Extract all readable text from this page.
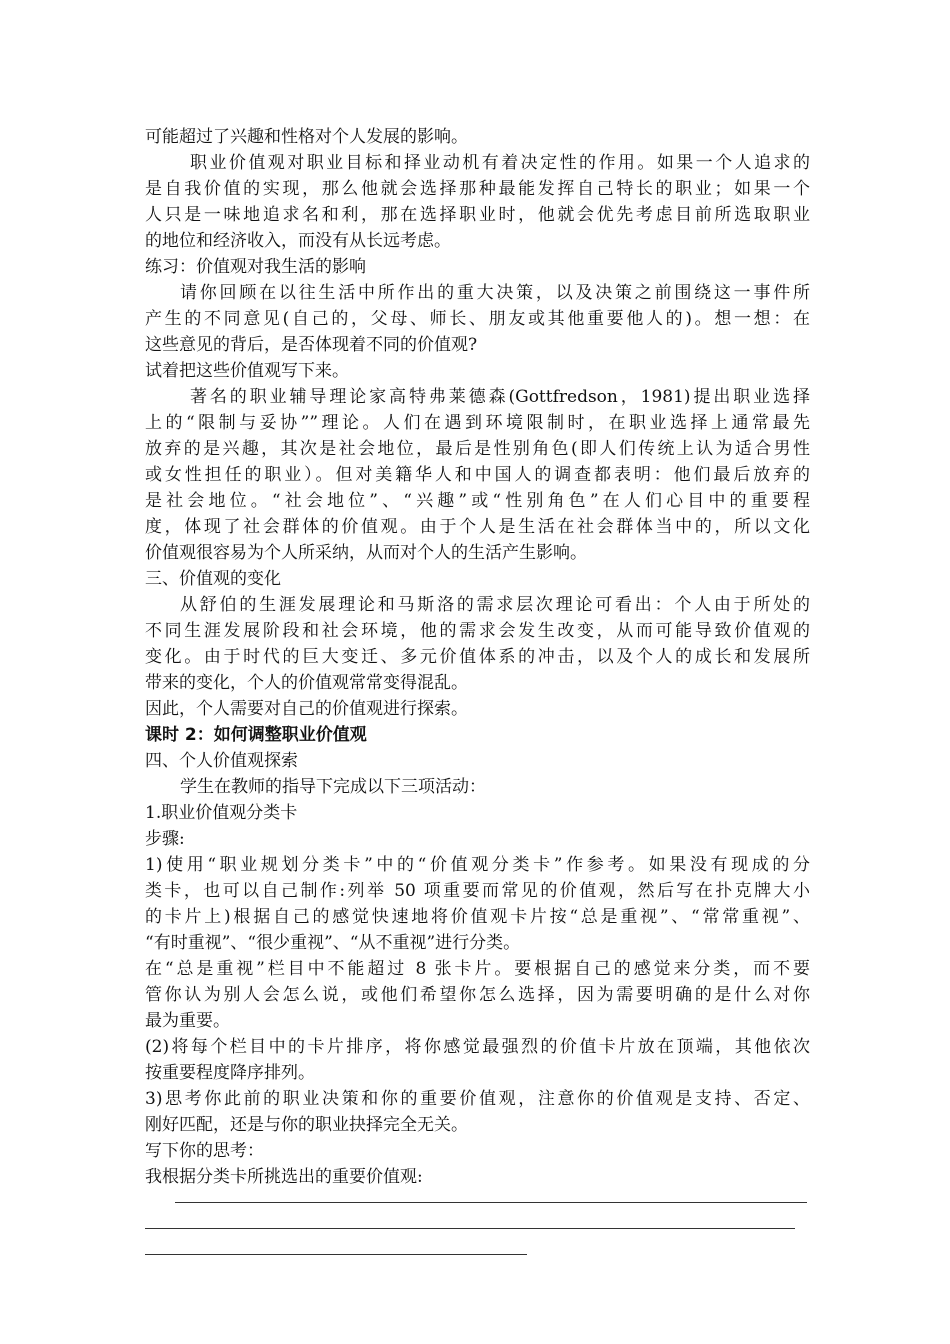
可能超过了兴趣和性格对个人发展的影响。
职业价值观对职业目标和择业动机有着决定性的作用。如果一个人追求的
是自我价值的实现，那么他就会选择那种最能发挥自己特长的职业；如果一个
人只是一味地追求名和利，那在选择职业时，他就会优先考虑目前所选取职业
的地位和经济收入，而没有从长远考虑。
练习：价值观对我生活的影响
请你回顾在以往生活中所作出的重大决策，以及决策之前围绕这一事件所
产生的不同意见(自己的，父母、师长、朋友或其他重要他人的)。想一想：在
这些意见的背后，是否体现着不同的价值观?
试着把这些价值观写下来。
著名的职业辅导理论家高特弗莱德森(Gottfredson，1981)提出职业选择
上的“限制与妥协””理论。人们在遇到环境限制时，在职业选择上通常最先
放弃的是兴趣，其次是社会地位，最后是性别角色(即人们传统上认为适合男性
或女性担任的职业）。但对美籍华人和中国人的调查都表明：他们最后放弃的
是社会地位。“社会地位”、“兴趣”或“性别角色”在人们心目中的重要程
度，体现了社会群体的价值观。由于个人是生活在社会群体当中的，所以文化
价值观很容易为个人所采纳，从而对个人的生活产生影响。
三、价值观的变化
从舒伯的生涯发展理论和马斯洛的需求层次理论可看出：个人由于所处的
不同生涯发展阶段和社会环境，他的需求会发生改变，从而可能导致价值观的
变化。由于时代的巨大变迁、多元价值体系的冲击，以及个人的成长和发展所
带来的变化，个人的价值观常常变得混乱。
因此，个人需要对自己的价值观进行探索。
课时 2：如何调整职业价值观
四、个人价值观探索
学生在教师的指导下完成以下三项活动：
1.职业价值观分类卡
步骤:
1)使用“职业规划分类卡”中的“价值观分类卡”作参考。如果没有现成的分
类卡，也可以自己制作:列举 50 项重要而常见的价值观，然后写在扑克牌大小
的卡片上)根据自己的感觉快速地将价值观卡片按“总是重视”、“常常重视”、
“有时重视”、“很少重视”、“从不重视”进行分类。
在“总是重视”栏目中不能超过 8 张卡片。要根据自己的感觉来分类，而不要
管你认为别人会怎么说，或他们希望你怎么选择，因为需要明确的是什么对你
最为重要。
(2)将每个栏目中的卡片排序，将你感觉最强烈的价值卡片放在顶端，其他依次
按重要程度降序排列。
3)思考你此前的职业决策和你的重要价值观，注意你的价值观是支持、否定、
刚好匹配，还是与你的职业抉择完全无关。
写下你的思考：
我根据分类卡所挑选出的重要价值观:
